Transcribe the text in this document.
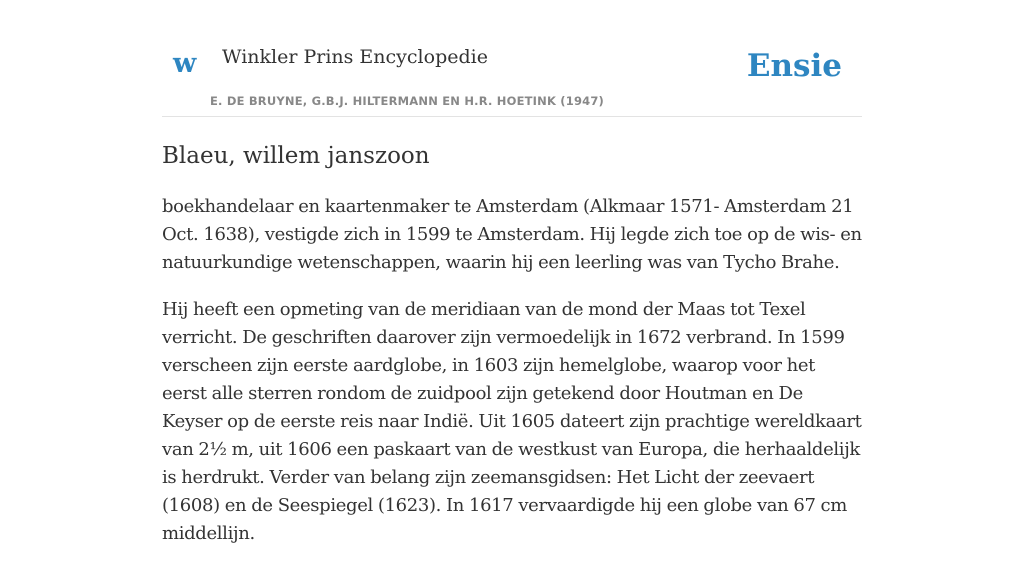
w Winkler Prins Encyclopedie
E. DE BRUYNE, G.B.J. HILTERMANN EN H.R. HOETINK (1947)
Ensie
Blaeu, willem janszoon

boekhandelaar en kaartenmaker te Amsterdam (Alkmaar 1571- Amsterdam 21 Oct. 1638), vestigde zich in 1599 te Amsterdam. Hij legde zich toe op de wis- en natuurkundige wetenschappen, waarin hij een leerling was van Tycho Brahe.

Hij heeft een opmeting van de meridiaan van de mond der Maas tot Texel verricht. De geschriften daarover zijn vermoedelijk in 1672 verbrand. In 1599 verscheen zijn eerste aardglobe, in 1603 zijn hemelglobe, waarop voor het eerst alle sterren rondom de zuidpool zijn getekend door Houtman en De Keyser op de eerste reis naar Indië. Uit 1605 dateert zijn prachtige wereldkaart van 2½ m, uit 1606 een paskaart van de westkust van Europa, die herhaaldelijk is herdrukt. Verder van belang zijn zeemansgidsen: Het Licht der zeevaert (1608) en de Seespiegel (1623). In 1617 vervaardigde hij een globe van 67 cm middellijn.
